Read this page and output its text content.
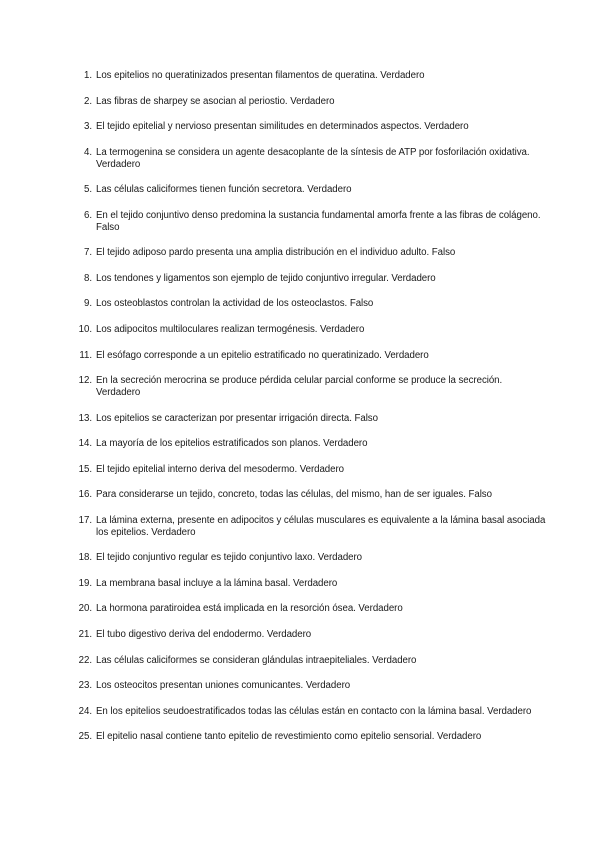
1. Los epitelios no queratinizados presentan filamentos de queratina. Verdadero
2. Las fibras de sharpey se asocian al periostio. Verdadero
3. El tejido epitelial y nervioso presentan similitudes en determinados aspectos. Verdadero
4. La termogenina se considera un agente desacoplante de la síntesis de ATP por fosforilación oxidativa. Verdadero
5. Las células caliciformes tienen función secretora. Verdadero
6. En el tejido conjuntivo denso predomina la sustancia fundamental amorfa frente a las fibras de colágeno. Falso
7. El tejido adiposo pardo presenta una amplia distribución en el individuo adulto. Falso
8. Los tendones y ligamentos son ejemplo de tejido conjuntivo irregular. Verdadero
9. Los osteoblastos controlan la actividad de los osteoclastos. Falso
10. Los adipocitos multiloculares realizan termogénesis. Verdadero
11. El esófago corresponde a un epitelio estratificado no queratinizado. Verdadero
12. En la secreción merocrina se produce pérdida celular parcial conforme se produce la secreción. Verdadero
13. Los epitelios se caracterizan por presentar irrigación directa. Falso
14. La mayoría de los epitelios estratificados son planos. Verdadero
15. El tejido epitelial interno deriva del mesodermo. Verdadero
16. Para considerarse un tejido, concreto, todas las células, del mismo, han de ser iguales. Falso
17. La lámina externa, presente en adipocitos y células musculares es equivalente a la lámina basal asociada los epitelios. Verdadero
18. El tejido conjuntivo regular es tejido conjuntivo laxo. Verdadero
19. La membrana basal incluye a la lámina basal. Verdadero
20. La hormona paratiroidea está implicada en la resorción ósea. Verdadero
21. El tubo digestivo deriva del endodermo. Verdadero
22. Las células caliciformes se consideran glándulas intraepiteliales. Verdadero
23. Los osteocitos presentan uniones comunicantes. Verdadero
24. En los epitelios seudoestratificados todas las células están en contacto con la lámina basal. Verdadero
25. El epitelio nasal contiene tanto epitelio de revestimiento como epitelio sensorial. Verdadero
